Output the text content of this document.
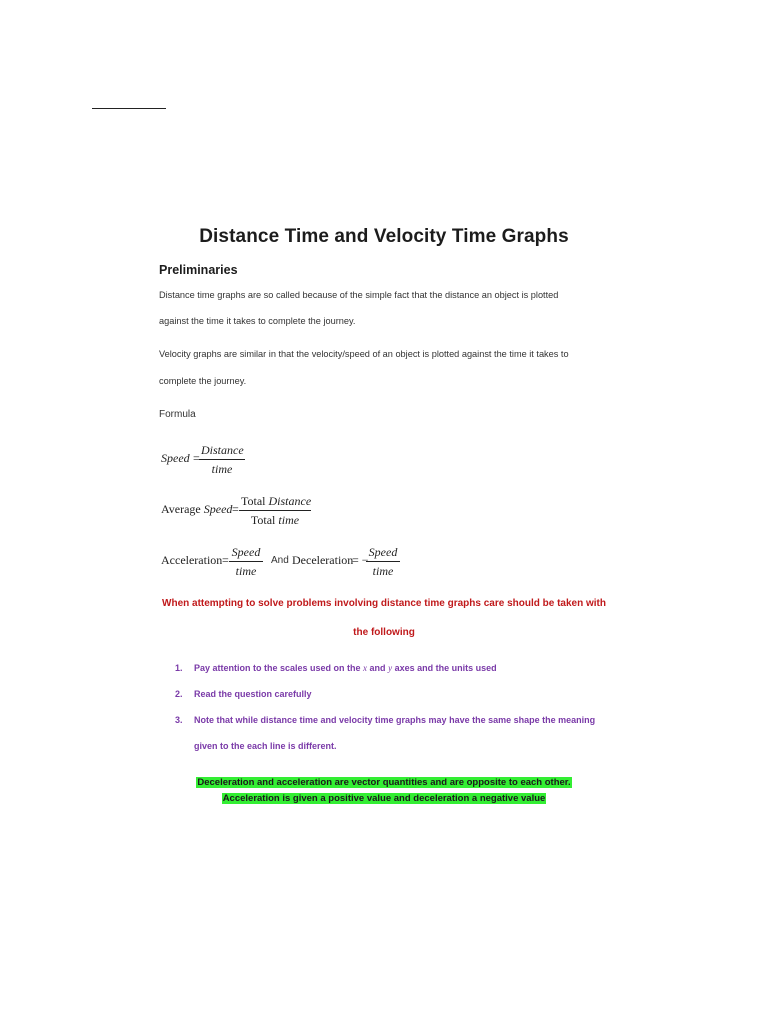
Distance Time and Velocity Time Graphs
Preliminaries
Distance time graphs are so called because of the simple fact that the distance an object is plotted
against the time it takes to complete the journey.
Velocity graphs are similar in that the velocity/speed of an object is plotted against the time it takes to
complete the journey.
Formula
Speed =
Distance
time
Average Speed =
Total Distance
Total time
Acceleration =
Speed
time
And Deceleration
= −
Speed
time
When attempting to solve problems involving distance time graphs care should be taken with
the following
1. Pay attention to the scales used on the x and y axes and the units used
2. Read the question carefully
3. Note that while distance time and velocity time graphs may have the same shape the meaning
given to the each line is different.
Deceleration and acceleration are vector quantities and are opposite to each other.
Acceleration is given a positive value and deceleration a negative value
